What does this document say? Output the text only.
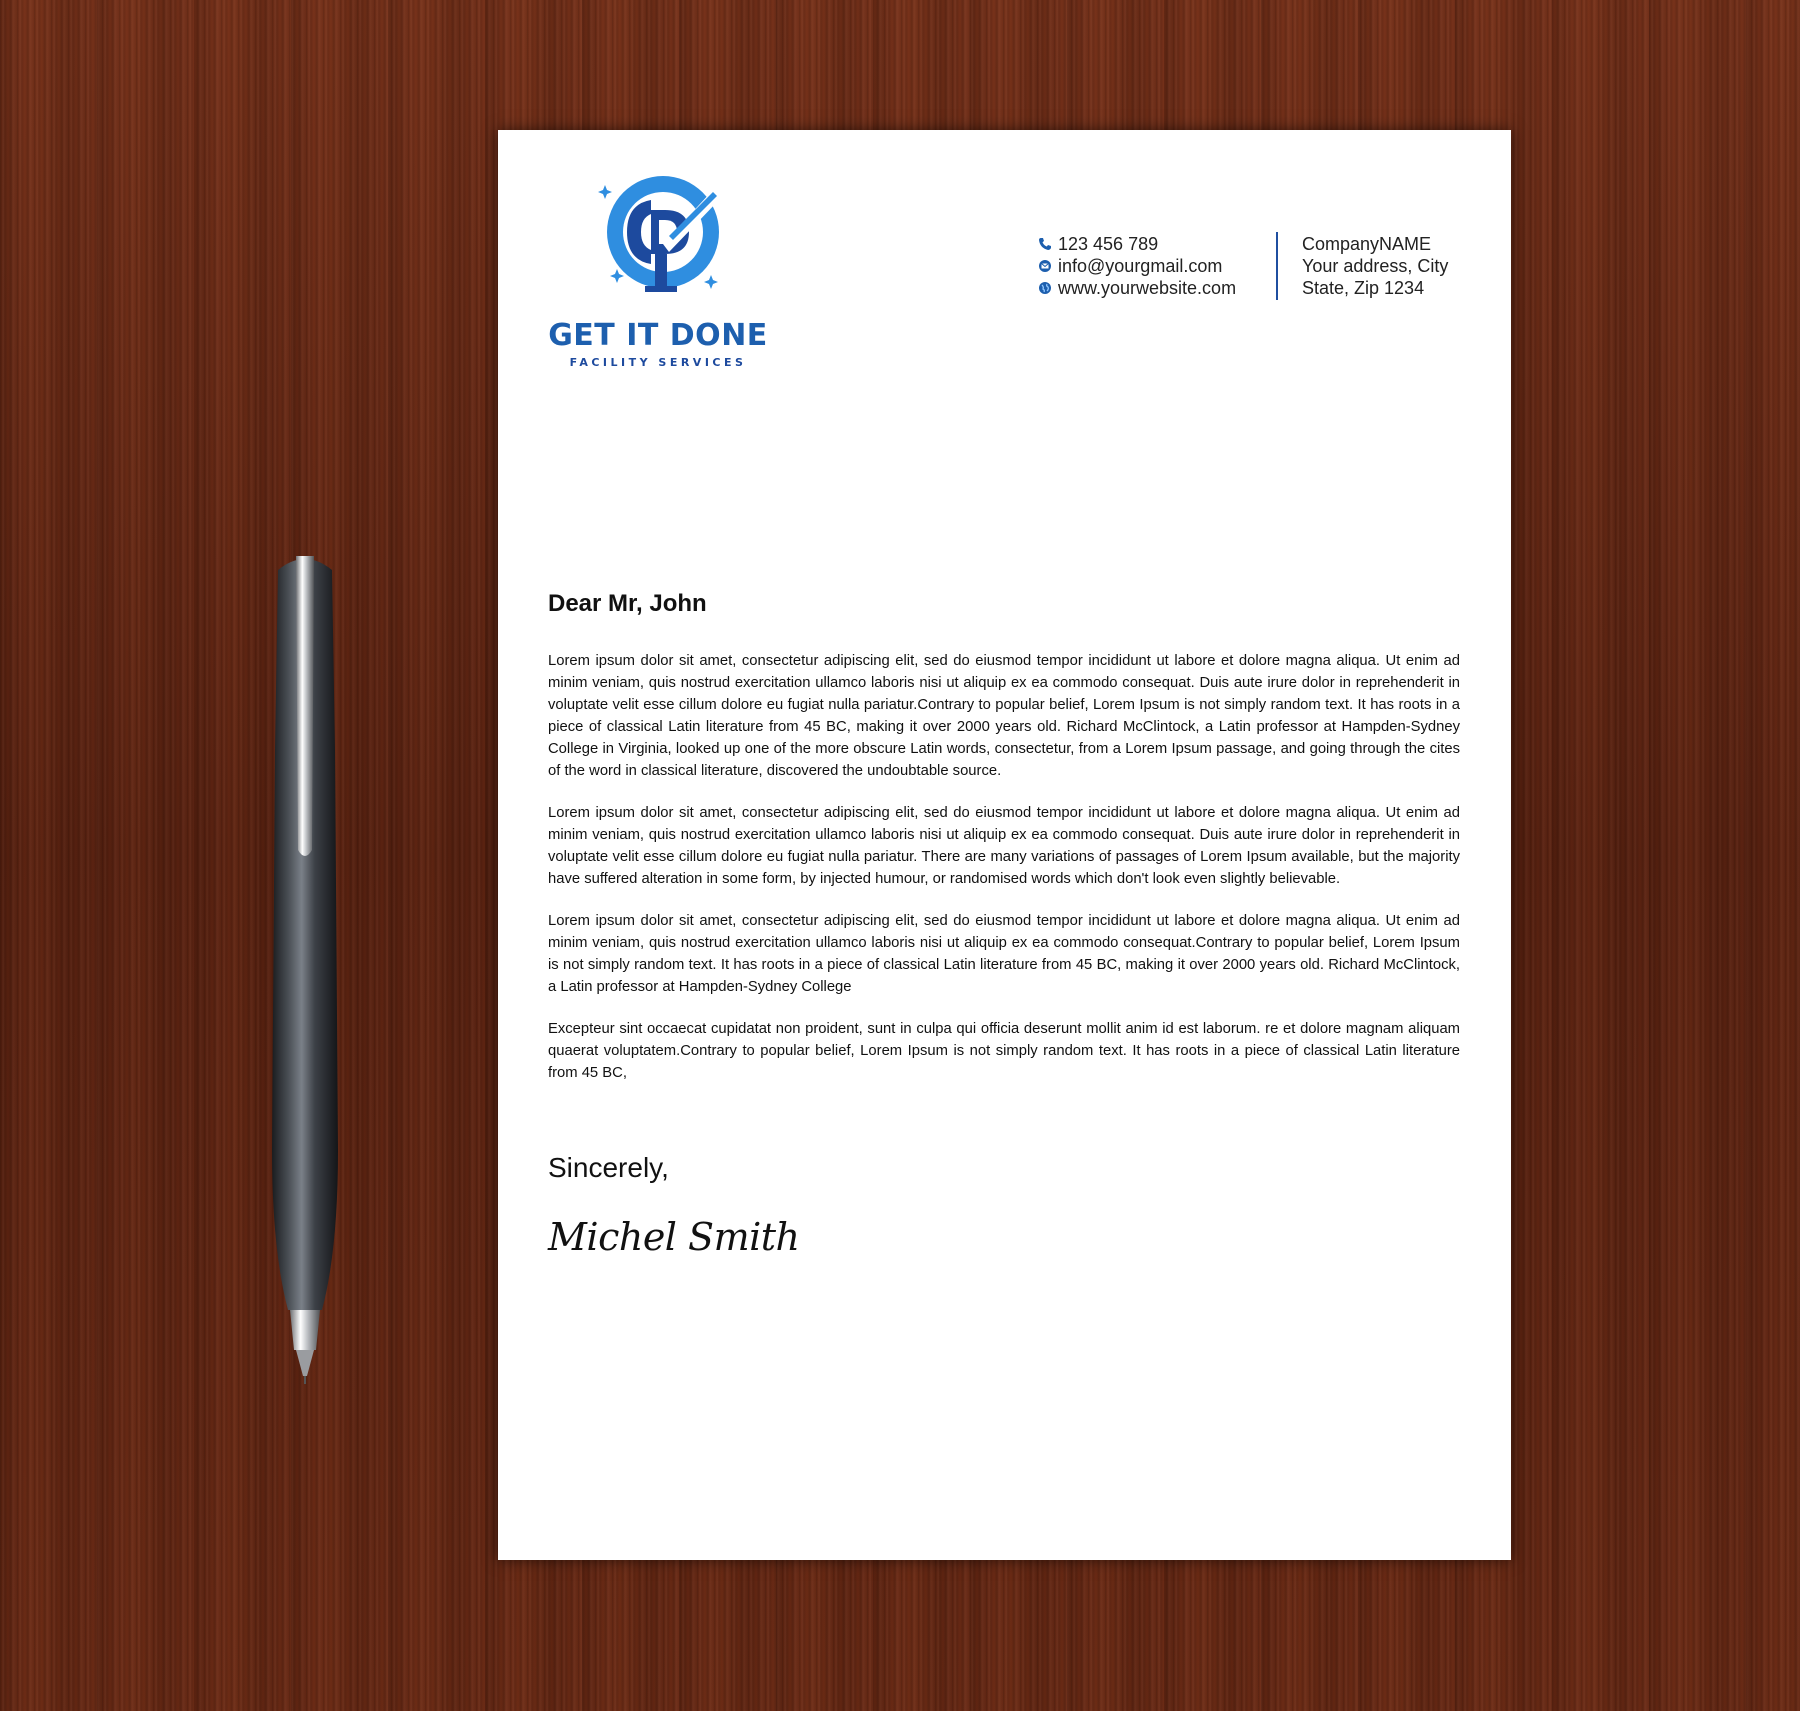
GET IT DONE
FACILITY SERVICES
123 456 789
info@yourgmail.com
www.yourwebsite.com
CompanyNAME
Your address, City
State, Zip 1234
Dear Mr, John

Lorem ipsum dolor sit amet, consectetur adipiscing elit, sed do eiusmod tempor incididunt ut labore et dolore magna aliqua. Ut enim ad minim veniam, quis nostrud exercitation ullamco laboris nisi ut aliquip ex ea commodo consequat. Duis aute irure dolor in reprehenderit in voluptate velit esse cillum dolore eu fugiat nulla pariatur.Contrary to popular belief, Lorem Ipsum is not simply random text. It has roots in a piece of classical Latin literature from 45 BC, making it over 2000 years old. Richard McClintock, a Latin professor at Hampden-Sydney College in Virginia, looked up one of the more obscure Latin words, consectetur, from a Lorem Ipsum passage, and going through the cites of the word in classical literature, discovered the undoubtable source.

Lorem ipsum dolor sit amet, consectetur adipiscing elit, sed do eiusmod tempor incididunt ut labore et dolore magna aliqua. Ut enim ad minim veniam, quis nostrud exercitation ullamco laboris nisi ut aliquip ex ea commodo consequat. Duis aute irure dolor in reprehenderit in voluptate velit esse cillum dolore eu fugiat nulla pariatur. There are many variations of passages of Lorem Ipsum available, but the majority have suffered alteration in some form, by injected humour, or randomised words which don't look even slightly believable.

Lorem ipsum dolor sit amet, consectetur adipiscing elit, sed do eiusmod tempor incididunt ut labore et dolore magna aliqua. Ut enim ad minim veniam, quis nostrud exercitation ullamco laboris nisi ut aliquip ex ea commodo consequat.Contrary to popular belief, Lorem Ipsum is not simply random text. It has roots in a piece of classical Latin literature from 45 BC, making it over 2000 years old. Richard McClintock, a Latin professor at Hampden-Sydney College

Excepteur sint occaecat cupidatat non proident, sunt in culpa qui officia deserunt mollit anim id est laborum. re et dolore magnam aliquam quaerat voluptatem.Contrary to popular belief, Lorem Ipsum is not simply random text. It has roots in a piece of classical Latin literature from 45 BC,

Sincerely,
Michel Smith
